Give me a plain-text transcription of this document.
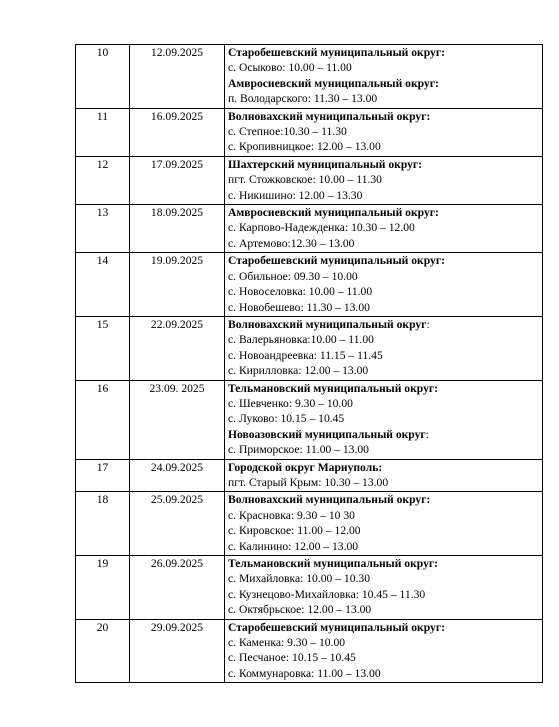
10	12.09.2025	Старобешевский муниципальный округ:
с. Осыково: 10.00 – 11.00
Амвросиевский муниципальный округ:
п. Володарского: 11.30 – 13.00

11	16.09.2025	Волновахский муниципальный округ:
с. Степное:10.30 – 11.30
с. Кропивницкое: 12.00 – 13.00

12	17.09.2025	Шахтерский муниципальный округ:
пгт. Стожковское: 10.00 – 11.30
с. Никишино: 12.00 – 13.30

13	18.09.2025	Амвросиевский муниципальный округ:
с. Карпово-Надежденка: 10.30 – 12.00
с. Артемово:12.30 – 13.00

14	19.09.2025	Старобешевский муниципальный округ:
с. Обильное: 09.30 – 10.00
с. Новоселовка: 10.00 – 11.00
с. Новобешево: 11.30 – 13.00

15	22.09.2025	Волновахский муниципальный округ:
с. Валерьяновка:10.00 – 11.00
с. Новоандреевка: 11.15 – 11.45
с. Кирилловка: 12.00 – 13.00

16	23.09. 2025	Тельмановский муниципальный округ:
с. Шевченко: 9.30 – 10.00
с. Луково: 10.15 – 10.45
Новоазовский муниципальный округ:
с. Приморское: 11.00 – 13.00

17	24.09.2025	Городской округ Мариуполь:
пгт. Старый Крым: 10.30 – 13.00

18	25.09.2025	Волновахский муниципальный округ:
с. Красновка: 9.30 – 10 30
с. Кировское: 11.00 – 12.00
с. Калинино: 12.00 – 13.00

19	26.09.2025	Тельмановский муниципальный округ:
с. Михайловка: 10.00 – 10.30
с. Кузнецово-Михайловка: 10.45 – 11.30
с. Октябрьское: 12.00 – 13.00

20	29.09.2025	Старобешевский муниципальный округ:
с. Каменка: 9.30 – 10.00
с. Песчаное: 10.15 – 10.45
с. Коммунаровка: 11.00 – 13.00
